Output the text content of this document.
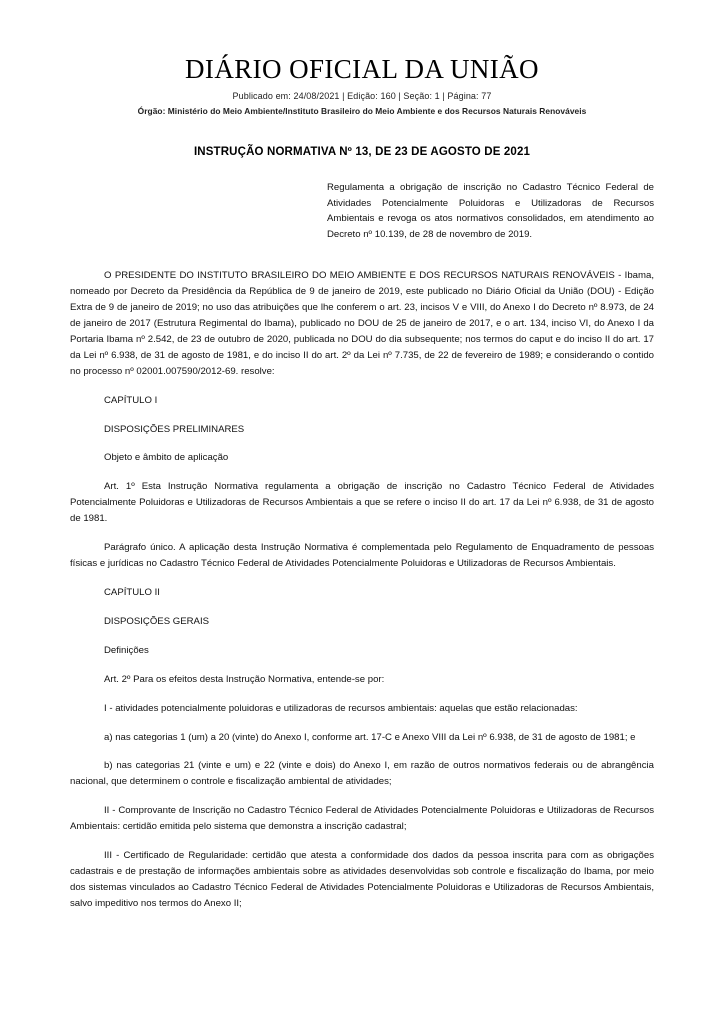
DIÁRIO OFICIAL DA UNIÃO
Publicado em: 24/08/2021 | Edição: 160 | Seção: 1 | Página: 77
Órgão: Ministério do Meio Ambiente/Instituto Brasileiro do Meio Ambiente e dos Recursos Naturais Renováveis
INSTRUÇÃO NORMATIVA Nº 13, DE 23 DE AGOSTO DE 2021
Regulamenta a obrigação de inscrição no Cadastro Técnico Federal de Atividades Potencialmente Poluidoras e Utilizadoras de Recursos Ambientais e revoga os atos normativos consolidados, em atendimento ao Decreto nº 10.139, de 28 de novembro de 2019.

O PRESIDENTE DO INSTITUTO BRASILEIRO DO MEIO AMBIENTE E DOS RECURSOS NATURAIS RENOVÁVEIS - Ibama, nomeado por Decreto da Presidência da República de 9 de janeiro de 2019, este publicado no Diário Oficial da União (DOU) - Edição Extra de 9 de janeiro de 2019; no uso das atribuições que lhe conferem o art. 23, incisos V e VIII, do Anexo I do Decreto nº 8.973, de 24 de janeiro de 2017 (Estrutura Regimental do Ibama), publicado no DOU de 25 de janeiro de 2017, e o art. 134, inciso VI, do Anexo I da Portaria Ibama nº 2.542, de 23 de outubro de 2020, publicada no DOU do dia subsequente; nos termos do caput e do inciso II do art. 17 da Lei nº 6.938, de 31 de agosto de 1981, e do inciso II do art. 2º da Lei nº 7.735, de 22 de fevereiro de 1989; e considerando o contido no processo nº 02001.007590/2012-69. resolve:

CAPÍTULO I

DISPOSIÇÕES PRELIMINARES

Objeto e âmbito de aplicação

Art. 1º Esta Instrução Normativa regulamenta a obrigação de inscrição no Cadastro Técnico Federal de Atividades Potencialmente Poluidoras e Utilizadoras de Recursos Ambientais a que se refere o inciso II do art. 17 da Lei nº 6.938, de 31 de agosto de 1981.

Parágrafo único. A aplicação desta Instrução Normativa é complementada pelo Regulamento de Enquadramento de pessoas físicas e jurídicas no Cadastro Técnico Federal de Atividades Potencialmente Poluidoras e Utilizadoras de Recursos Ambientais.

CAPÍTULO II

DISPOSIÇÕES GERAIS

Definições

Art. 2º Para os efeitos desta Instrução Normativa, entende-se por:

I - atividades potencialmente poluidoras e utilizadoras de recursos ambientais: aquelas que estão relacionadas:

a) nas categorias 1 (um) a 20 (vinte) do Anexo I, conforme art. 17-C e Anexo VIII da Lei nº 6.938, de 31 de agosto de 1981; e

b) nas categorias 21 (vinte e um) e 22 (vinte e dois) do Anexo I, em razão de outros normativos federais ou de abrangência nacional, que determinem o controle e fiscalização ambiental de atividades;

II - Comprovante de Inscrição no Cadastro Técnico Federal de Atividades Potencialmente Poluidoras e Utilizadoras de Recursos Ambientais: certidão emitida pelo sistema que demonstra a inscrição cadastral;

III - Certificado de Regularidade: certidão que atesta a conformidade dos dados da pessoa inscrita para com as obrigações cadastrais e de prestação de informações ambientais sobre as atividades desenvolvidas sob controle e fiscalização do Ibama, por meio dos sistemas vinculados ao Cadastro Técnico Federal de Atividades Potencialmente Poluidoras e Utilizadoras de Recursos Ambientais, salvo impeditivo nos termos do Anexo II;
